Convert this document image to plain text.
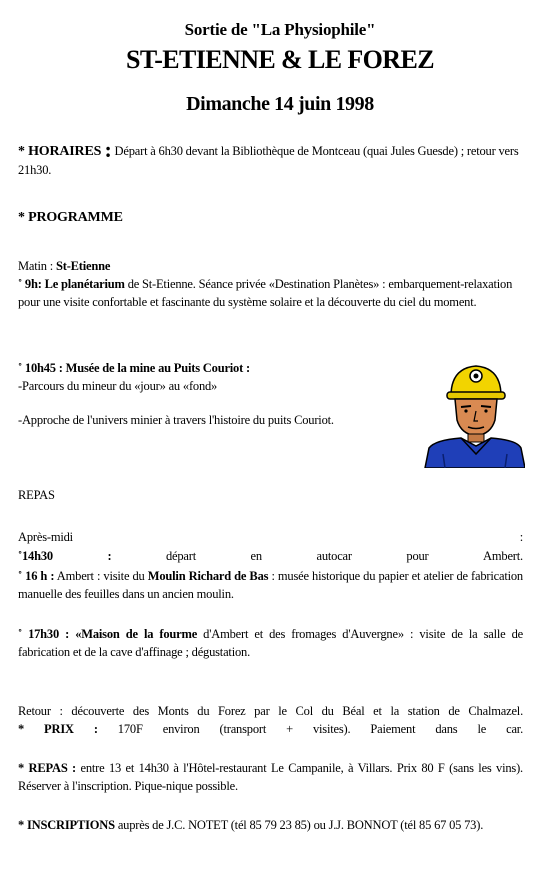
Sortie de "La Physiophile"
ST-ETIENNE & LE FOREZ
Dimanche 14 juin 1998

* HORAIRES : Départ à 6h30 devant la Bibliothèque de Montceau (quai Jules Guesde) ; retour vers 21h30.

* PROGRAMME

Matin : St-Etienne
˚ 9h: Le planétarium de St-Etienne. Séance privée «Destination Planètes» : embarquement-relaxation pour une visite confortable et fascinante du système solaire et la découverte du ciel du moment.

˚ 10h45 : Musée de la mine au Puits Couriot :

-Parcours du mineur du «jour» au «fond»

-Approche de l'univers minier à travers l'histoire du puits Couriot.

REPAS

Après-midi	:
˚14h30	:	départ	en	autocar	pour	Ambert.

˚ 16 h : Ambert : visite du Moulin Richard de Bas : musée historique du papier et atelier de fabrication manuelle des feuilles dans un ancien moulin.

˚ 17h30 : «Maison de la fourme d'Ambert et des fromages d'Auvergne» : visite de la salle de fabrication et de la cave d'affinage ; dégustation.

Retour : découverte des Monts du Forez par le Col du Béal et la station de Chalmazel.

* PRIX : 170F environ (transport + visites). Paiement dans le car.

* REPAS : entre 13 et 14h30 à l'Hôtel-restaurant Le Campanile, à Villars. Prix 80 F (sans les vins). Réserver à l'inscription. Pique-nique possible.

* INSCRIPTIONS auprès de J.C. NOTET (tél 85 79 23 85) ou J.J. BONNOT (tél 85 67 05 73).
